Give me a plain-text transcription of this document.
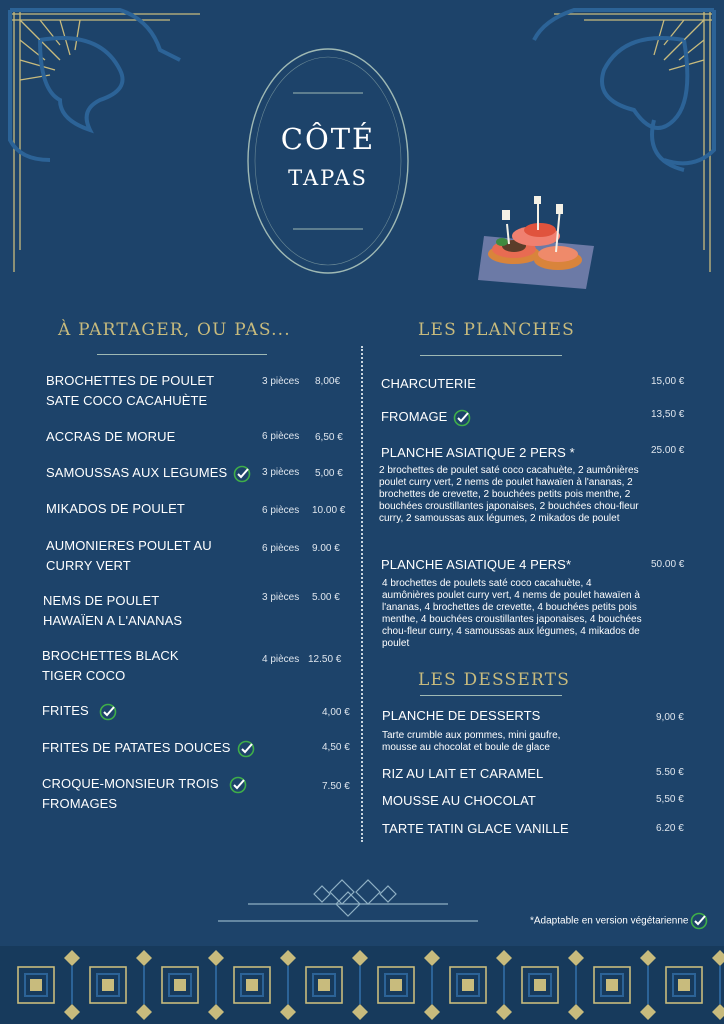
CÔTÉ
TAPAS
À PARTAGER, OU PAS...
BROCHETTES DE POULET
SATE COCO CACAHUÈTE
3 pièces 8,00€
ACCRAS DE MORUE	6 pièces 6,50 €
SAMOUSSAS AUX LEGUMES	3 pièces 5,00 €
MIKADOS DE POULET	6 pièces 10.00 €
AUMONIERES POULET AU
CURRY VERT
6 pièces 9.00 €
NEMS DE POULET
HAWAÏEN A L'ANANAS
3 pièces 5.00 €
BROCHETTES BLACK
TIGER COCO
4 pièces 12.50 €
FRITES	4,00 €
FRITES DE PATATES DOUCES	4,50 €
CROQUE-MONSIEUR TROIS
FROMAGES
7.50 €
LES PLANCHES
CHARCUTERIE	15,00 €
FROMAGE	13,50 €
PLANCHE ASIATIQUE 2 PERS *	25.00 €
2 brochettes de poulet saté coco cacahuète, 2 aumônières poulet curry vert, 2 nems de poulet hawaïen à l'ananas, 2 brochettes de crevette, 2 bouchées petits pois menthe, 2 bouchées croustillantes japonaises, 2 bouchées chou-fleur curry, 2 samoussas aux légumes, 2 mikados de poulet
PLANCHE ASIATIQUE 4 PERS*	50.00 €
4 brochettes de poulets saté coco cacahuète, 4 aumônières poulet curry vert, 4 nems de poulet hawaïen à l'ananas, 4 brochettes de crevette, 4 bouchées petits pois menthe, 4 bouchées croustillantes japonaises, 4 bouchées chou-fleur curry, 4 samoussas aux légumes, 4 mikados de poulet
LES DESSERTS
PLANCHE DE DESSERTS	9,00 €
Tarte crumble aux pommes, mini gaufre, mousse au chocolat et boule de glace
RIZ AU LAIT ET CARAMEL	5.50 €
MOUSSE AU CHOCOLAT	5,50 €
TARTE TATIN GLACE VANILLE	6.20 €
*Adaptable en version végétarienne
